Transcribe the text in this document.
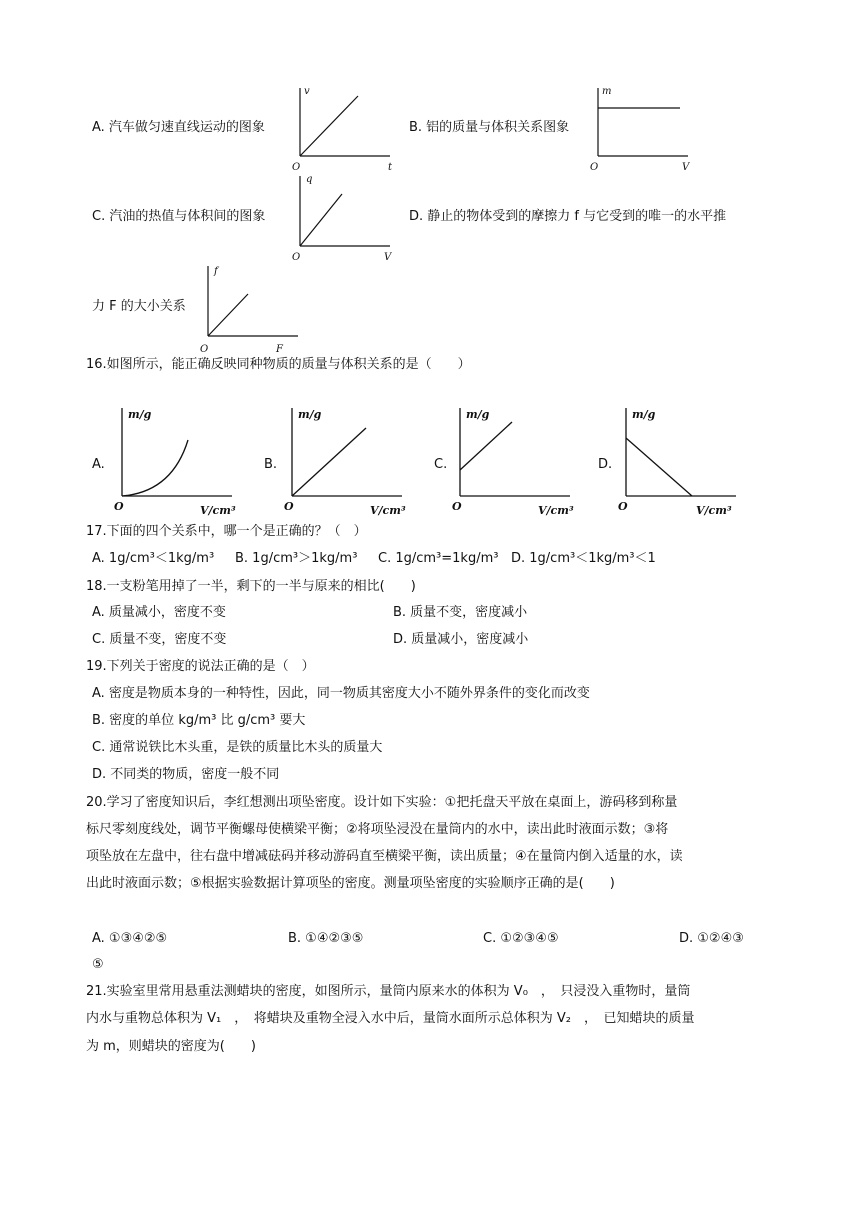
A. 汽车做匀速直线运动的图象
v
t
O
B. 铝的质量与体积关系图象
m
V
O
C. 汽油的热值与体积间的图象
q
V
O
D. 静止的物体受到的摩擦力 f 与它受到的唯一的水平推
力 F 的大小关系
f
F
O
16.如图所示，能正确反映同种物质的质量与体积关系的是（　　）
A.
m/g
V/cm³
O
B.
m/g
V/cm³
O
C.
m/g
V/cm³
O
D.
m/g
V/cm³
O
17.下面的四个关系中，哪一个是正确的？（　）
A. 1g/cm³＜1kg/m³ B. 1g/cm³＞1kg/m³ C. 1g/cm³=1kg/m³ D. 1g/cm³＜1kg/m³＜1
18.一支粉笔用掉了一半，剩下的一半与原来的相比(　　)
A. 质量减小，密度不变	B. 质量不变，密度减小
C. 质量不变，密度不变	D. 质量减小，密度减小
19.下列关于密度的说法正确的是（　）
A. 密度是物质本身的一种特性，因此，同一物质其密度大小不随外界条件的变化而改变
B. 密度的单位 kg/m³ 比 g/cm³ 要大
C. 通常说铁比木头重，是铁的质量比木头的质量大
D. 不同类的物质，密度一般不同
20.学习了密度知识后，李红想测出项坠密度。设计如下实验：①把托盘天平放在桌面上，游码移到称量
标尺零刻度线处，调节平衡螺母使横梁平衡；②将项坠浸没在量筒内的水中，读出此时液面示数；③将
项坠放在左盘中，往右盘中增减砝码并移动游码直至横梁平衡，读出质量；④在量筒内倒入适量的水，读
出此时液面示数；⑤根据实验数据计算项坠的密度。测量项坠密度的实验顺序正确的是(　　)
A. ①③④②⑤	B. ①④②③⑤	C. ①②③④⑤	D. ①②④③
⑤
21.实验室里常用悬重法测蜡块的密度，如图所示，量筒内原来水的体积为 V₀　，　只浸没入重物时，量筒
内水与重物总体积为 V₁　，　将蜡块及重物全浸入水中后，量筒水面所示总体积为 V₂　，　已知蜡块的质量
为 m，则蜡块的密度为(　　)
